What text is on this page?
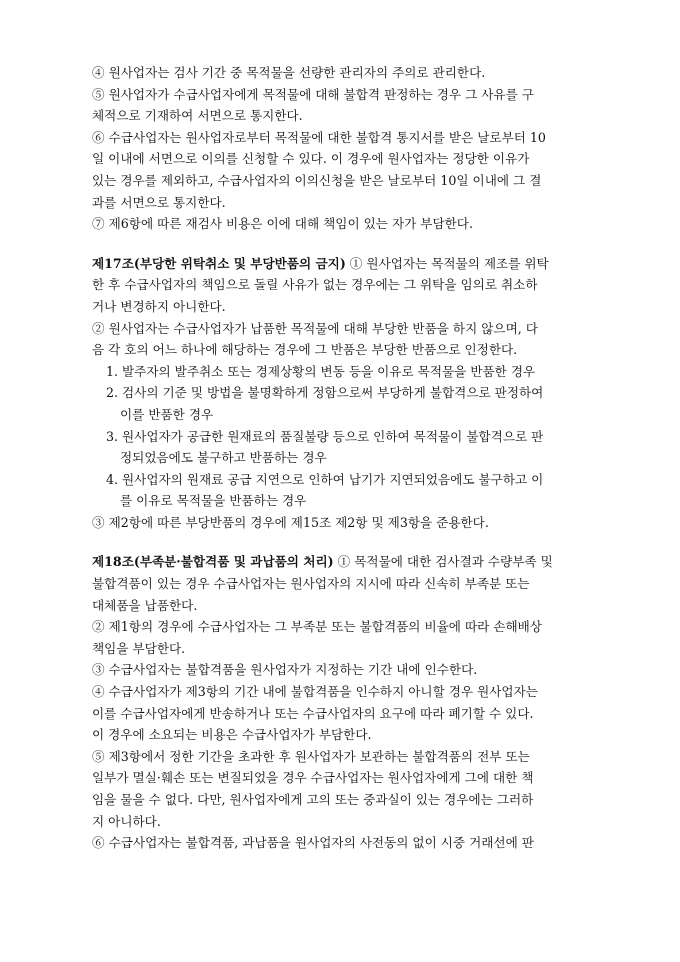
④ 원사업자는 검사 기간 중 목적물을 선량한 관리자의 주의로 관리한다.
⑤ 원사업자가 수급사업자에게 목적물에 대해 불합격 판정하는 경우 그 사유를 구
체적으로 기재하여 서면으로 통지한다.
⑥ 수급사업자는 원사업자로부터 목적물에 대한 불합격 통지서를 받은 날로부터 10
일 이내에 서면으로 이의를 신청할 수 있다. 이 경우에 원사업자는 정당한 이유가
있는 경우를 제외하고, 수급사업자의 이의신청을 받은 날로부터 10일 이내에 그 결
과를 서면으로 통지한다.
⑦ 제6항에 따른 재검사 비용은 이에 대해 책임이 있는 자가 부담한다.
제17조(부당한 위탁취소 및 부당반품의 금지) ① 원사업자는 목적물의 제조를 위탁
한 후 수급사업자의 책임으로 돌릴 사유가 없는 경우에는 그 위탁을 임의로 취소하
거나 변경하지 아니한다.
② 원사업자는 수급사업자가 납품한 목적물에 대해 부당한 반품을 하지 않으며, 다
음 각 호의 어느 하나에 해당하는 경우에 그 반품은 부당한 반품으로 인정한다.
1. 발주자의 발주취소 또는 경제상황의 변동 등을 이유로 목적물을 반품한 경우
2. 검사의 기준 및 방법을 불명확하게 정함으로써 부당하게 불합격으로 판정하여
이를 반품한 경우
3. 원사업자가 공급한 원재료의 품질불량 등으로 인하여 목적물이 불합격으로 판
정되었음에도 불구하고 반품하는 경우
4. 원사업자의 원재료 공급 지연으로 인하여 납기가 지연되었음에도 불구하고 이
를 이유로 목적물을 반품하는 경우
③ 제2항에 따른 부당반품의 경우에 제15조 제2항 및 제3항을 준용한다.
제18조(부족분·불합격품 및 과납품의 처리) ① 목적물에 대한 검사결과 수량부족 및
불합격품이 있는 경우 수급사업자는 원사업자의 지시에 따라 신속히 부족분 또는
대체품을 납품한다.
② 제1항의 경우에 수급사업자는 그 부족분 또는 불합격품의 비율에 따라 손해배상
책임을 부담한다.
③ 수급사업자는 불합격품을 원사업자가 지정하는 기간 내에 인수한다.
④ 수급사업자가 제3항의 기간 내에 불합격품을 인수하지 아니할 경우 원사업자는
이를 수급사업자에게 반송하거나 또는 수급사업자의 요구에 따라 폐기할 수 있다.
이 경우에 소요되는 비용은 수급사업자가 부담한다.
⑤ 제3항에서 정한 기간을 초과한 후 원사업자가 보관하는 불합격품의 전부 또는
일부가 멸실·훼손 또는 변질되었을 경우 수급사업자는 원사업자에게 그에 대한 책
임을 물을 수 없다. 다만, 원사업자에게 고의 또는 중과실이 있는 경우에는 그러하
지 아니하다.
⑥ 수급사업자는 불합격품, 과납품을 원사업자의 사전동의 없이 시중 거래선에 판
